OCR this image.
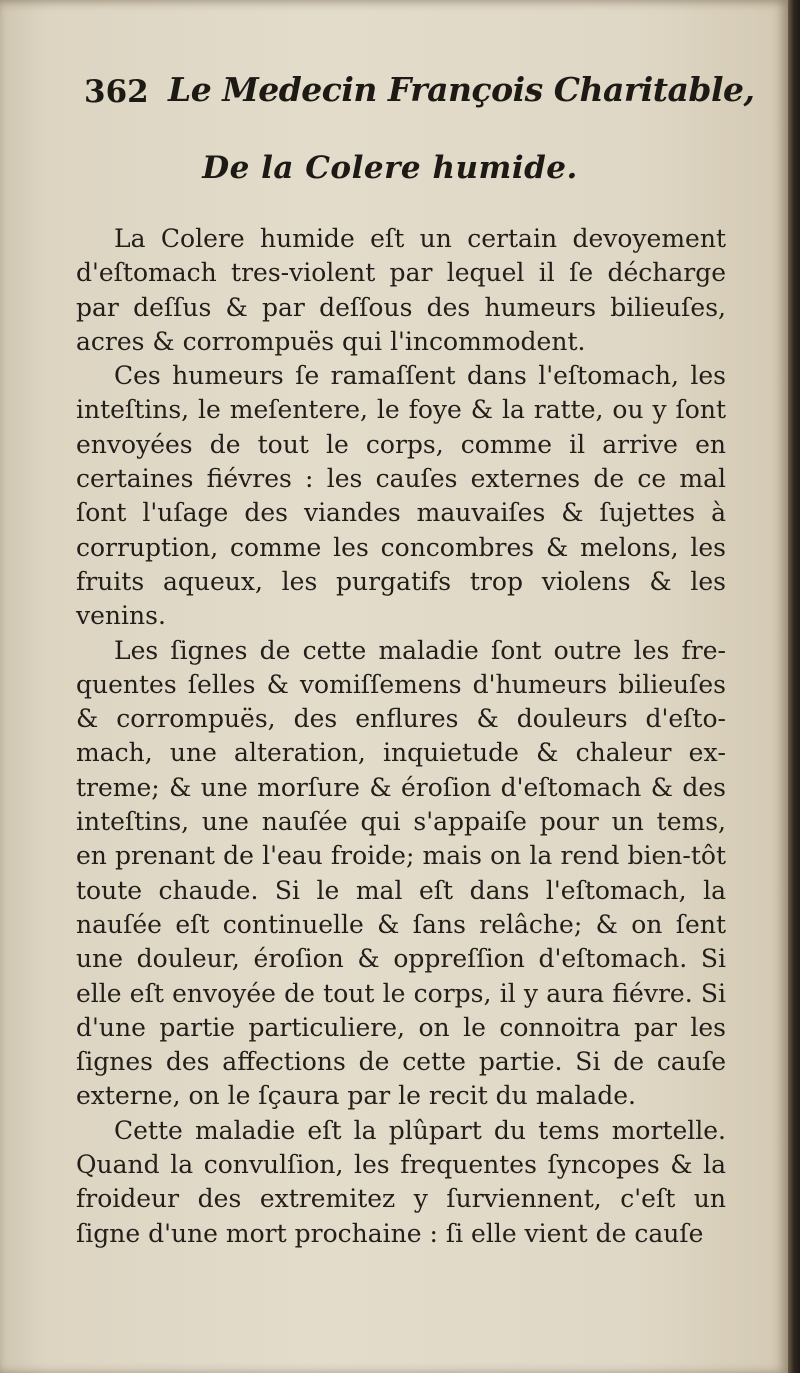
362 Le Medecin François Charitable,
De la Colere humide.

La Colere humide eſt un certain devoyement d'eſtomach tres-violent par lequel il ſe décharge par deſſus & par deſſous des humeurs bilieuſes, acres & corrompuës qui l'incommodent.

Ces humeurs ſe ramaſſent dans l'eſtomach, les inteſtins, le meſentere, le foye & la ratte, ou y ſont envoyées de tout le corps, comme il arrive en certaines fiévres : les cauſes externes de ce mal ſont l'uſage des viandes mauvaiſes & ſujettes à corruption, comme les concombres & melons, les fruits aqueux, les purgatifs trop violens & les venins.

Les ſignes de cette maladie ſont outre les frequentes ſelles & vomiſſemens d'humeurs bilieuſes & corrompuës, des enflures & douleurs d'eſtomach, une alteration, inquietude & chaleur extreme; & une morſure & éroſion d'eſtomach & des inteſtins, une nauſée qui s'appaiſe pour un tems, en prenant de l'eau froide; mais on la rend bien-tôt toute chaude. Si le mal eſt dans l'eſtomach, la nauſée eſt continuelle & ſans relâche; & on ſent une douleur, éroſion & oppreſſion d'eſtomach. Si elle eſt envoyée de tout le corps, il y aura fiévre. Si d'une partie particuliere, on le connoitra par les ſignes des affections de cette partie. Si de cauſe externe, on le ſçaura par le recit du malade.

Cette maladie eſt la plûpart du tems mortelle. Quand la convulſion, les frequentes ſyncopes & la froideur des extremitez y ſurviennent, c'eſt un ſigne d'une mort prochaine : ſi elle vient de cauſe
